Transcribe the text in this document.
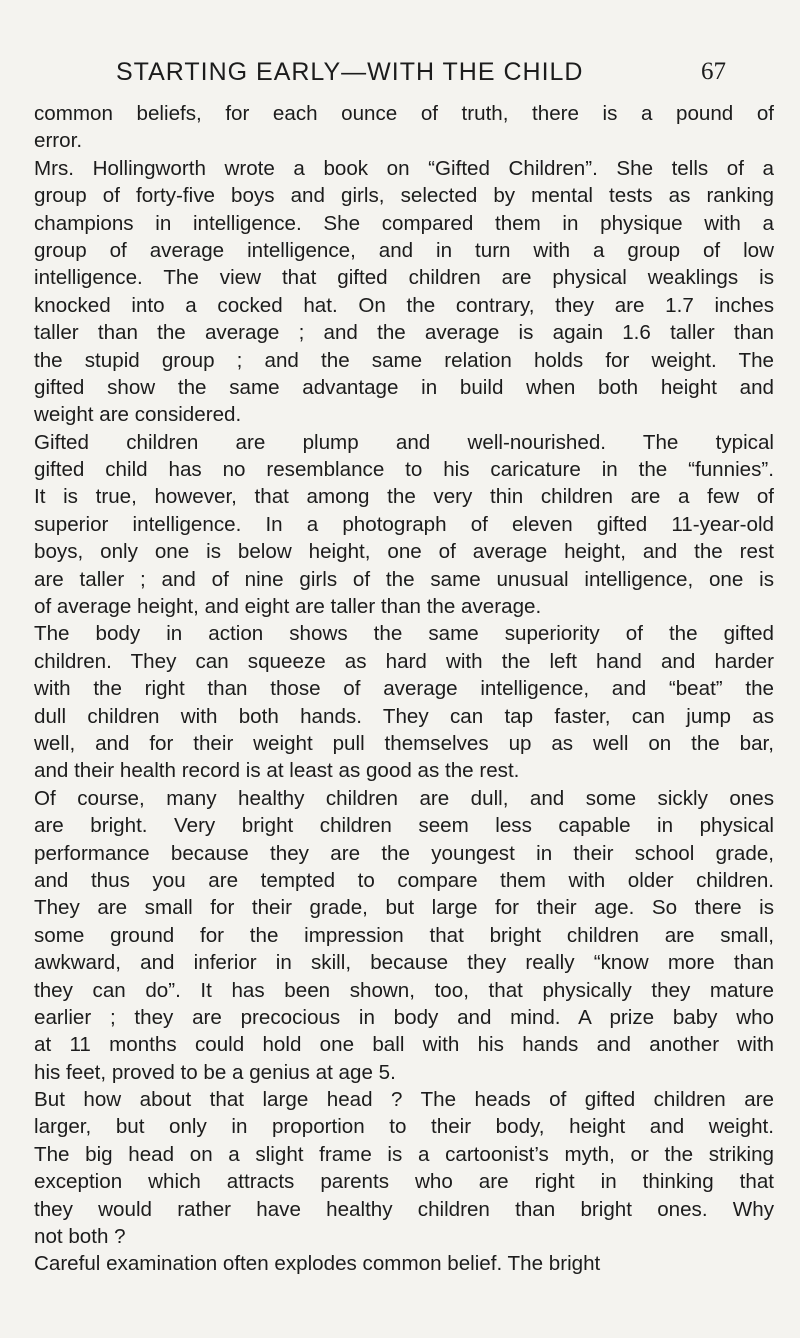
STARTING EARLY—WITH THE CHILD	67
common beliefs, for each ounce of truth, there is a pound of
error.
Mrs. Hollingworth wrote a book on “Gifted Children”. She tells of a
group of forty-five boys and girls, selected by mental tests as ranking
champions in intelligence. She compared them in physique with a
group of average intelligence, and in turn with a group of low
intelligence. The view that gifted children are physical weaklings is
knocked into a cocked hat. On the contrary, they are 1.7 inches
taller than the average ; and the average is again 1.6 taller than
the stupid group ; and the same relation holds for weight. The
gifted show the same advantage in build when both height and
weight are considered.
Gifted children are plump and well-nourished. The typical
gifted child has no resemblance to his caricature in the “funnies”.
It is true, however, that among the very thin children are a few of
superior intelligence. In a photograph of eleven gifted 11-year-old
boys, only one is below height, one of average height, and the rest
are taller ; and of nine girls of the same unusual intelligence, one is
of average height, and eight are taller than the average.
The body in action shows the same superiority of the gifted
children. They can squeeze as hard with the left hand and harder
with the right than those of average intelligence, and “beat” the
dull children with both hands. They can tap faster, can jump as
well, and for their weight pull themselves up as well on the bar,
and their health record is at least as good as the rest.
Of course, many healthy children are dull, and some sickly ones
are bright. Very bright children seem less capable in physical
performance because they are the youngest in their school grade,
and thus you are tempted to compare them with older children.
They are small for their grade, but large for their age. So there is
some ground for the impression that bright children are small,
awkward, and inferior in skill, because they really “know more than
they can do”. It has been shown, too, that physically they mature
earlier ; they are precocious in body and mind. A prize baby who
at 11 months could hold one ball with his hands and another with
his feet, proved to be a genius at age 5.
But how about that large head ? The heads of gifted children are
larger, but only in proportion to their body, height and weight.
The big head on a slight frame is a cartoonist’s myth, or the striking
exception which attracts parents who are right in thinking that
they would rather have healthy children than bright ones. Why
not both ?
Careful examination often explodes common belief. The bright
